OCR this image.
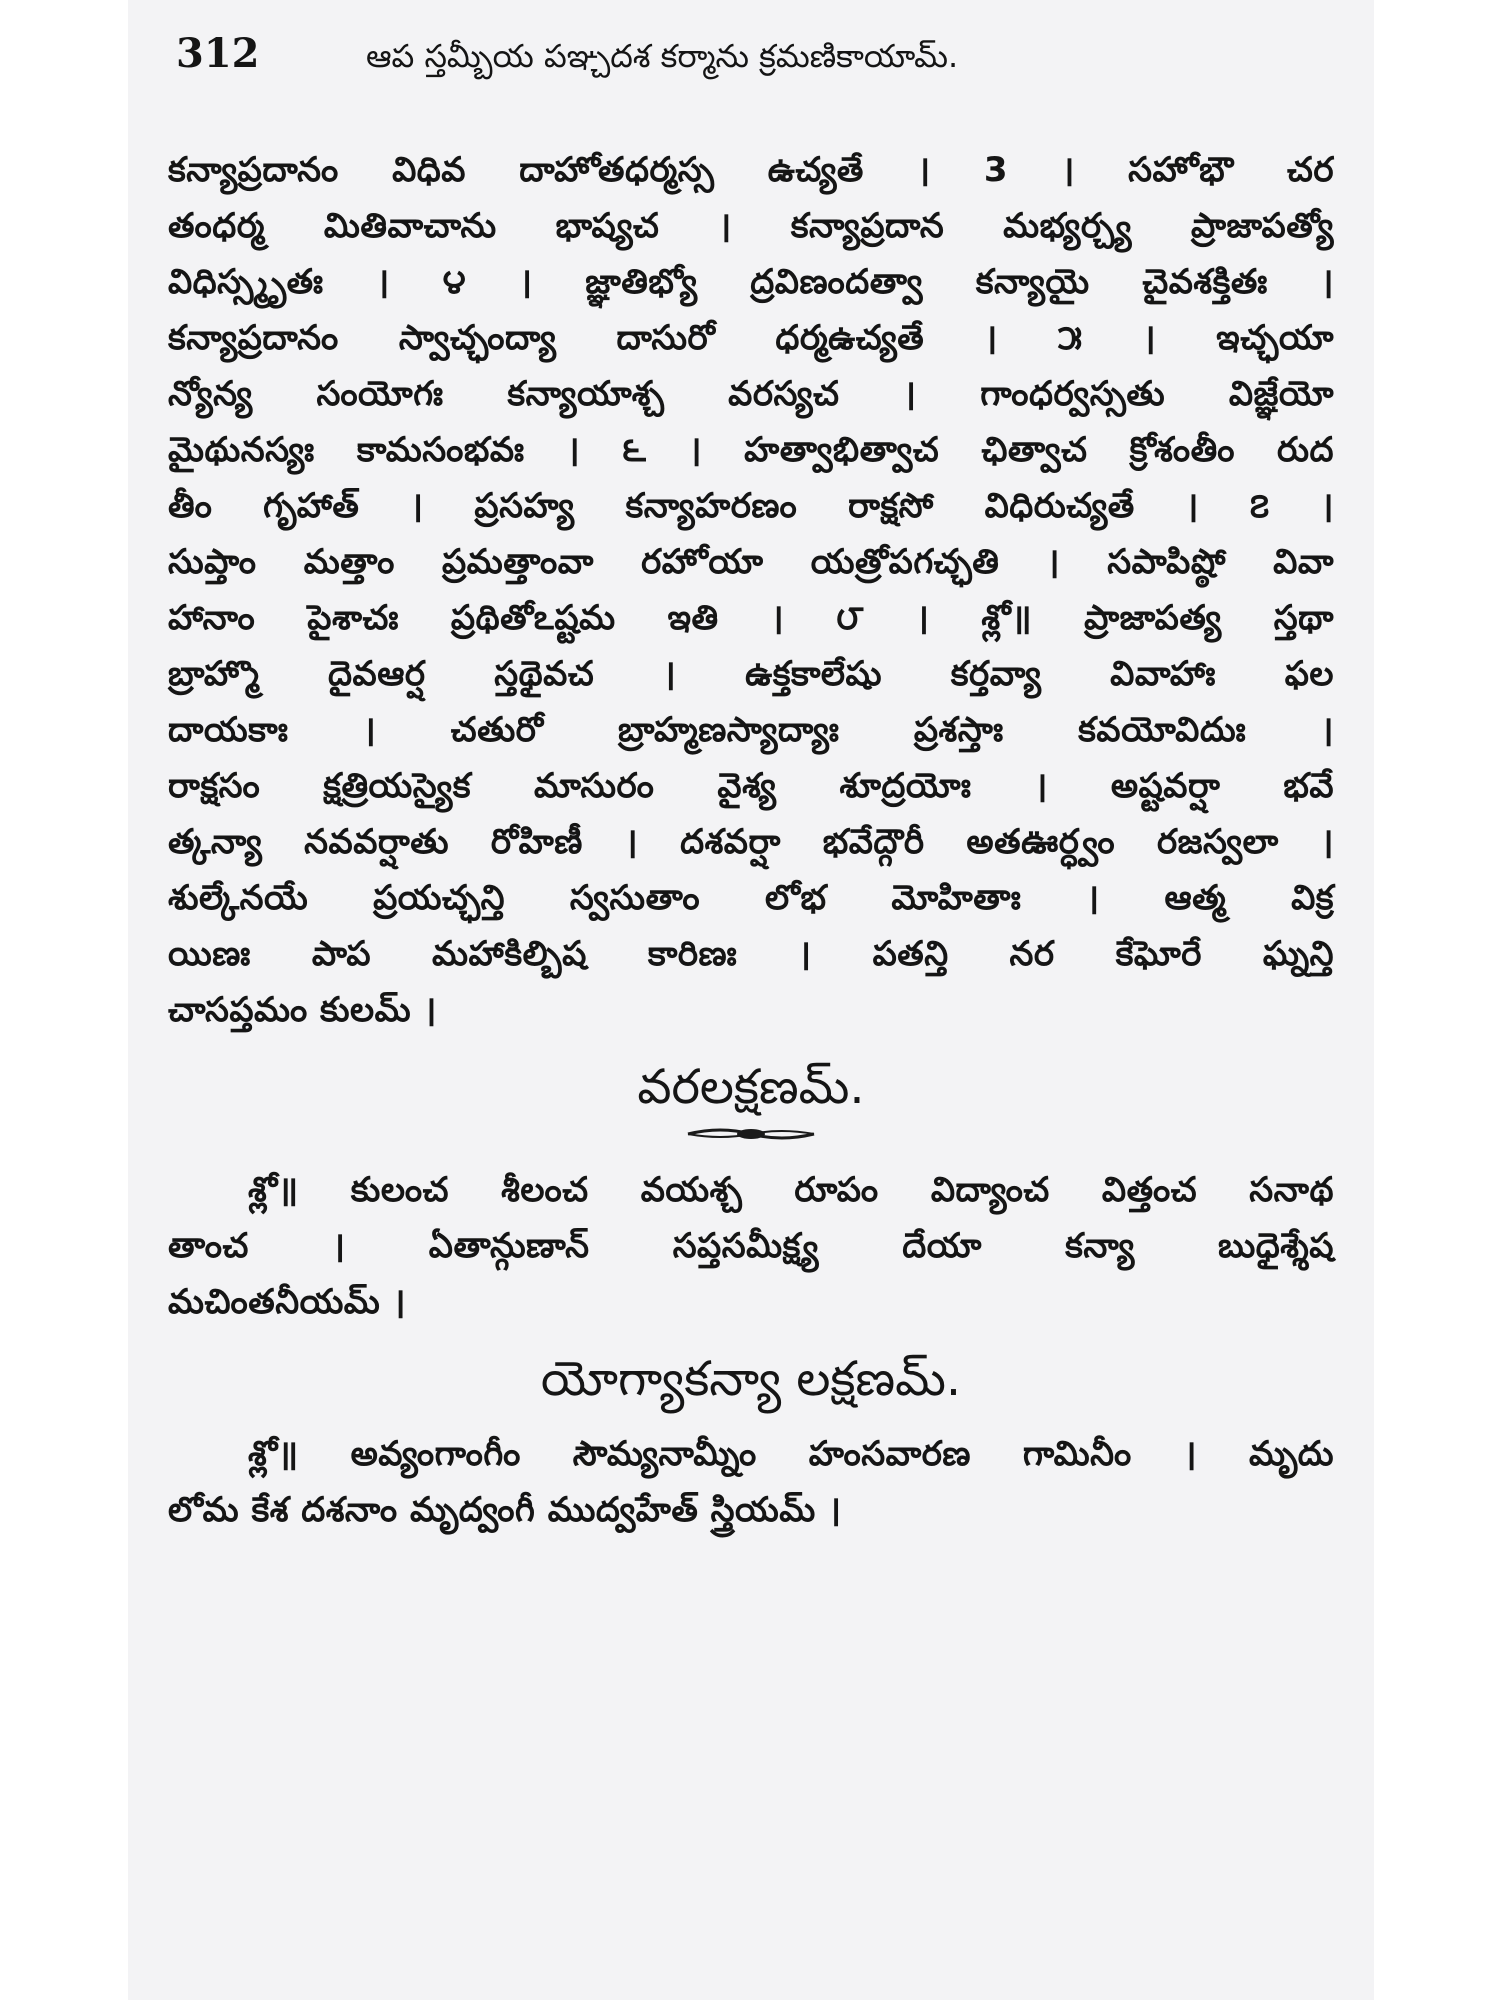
312	ఆప స్తమ్బీయ పఞ్చదశ కర్మాను క్రమణికాయామ్.
కన్యాప్రదానం విధివ దాహోతధర్మస్స ఉచ్యతే । 3 । సహోభౌ చర
తంధర్మ మితివాచాను భాష్యచ । కన్యాప్రదాన మభ్యర్చ్య ప్రాజాపత్యో
విధిస్స్మృతః । ౪ । జ్ఞాతిభ్యో ద్రవిణందత్వా కన్యాయై చైవశక్తితః ।
కన్యాప్రదానం స్వాచ్ఛంద్యా దాసురో ధర్మఉచ్యతే । ౫ । ఇచ్ఛయా
న్యోన్య సంయోగః కన్యాయాశ్చ వరస్యచ । గాంధర్వస్సతు విజ్ఞేయో
మైథునస్యః కామసంభవః । ౬ । హత్వాభిత్వాచ ఛిత్వాచ క్రోశంతీం రుద
తీం గృహాత్ । ప్రసహ్య కన్యాహరణం రాక్షసో విధిరుచ్యతే । ౭ ।
సుప్తాం మత్తాం ప్రమత్తాంవా రహోయా యత్రోపగచ్ఛతి । సపాపిష్ఠో వివా
హానాం పైశాచః ప్రథితోఽష్టమ ఇతి । ౮ । శ్లో॥ ప్రాజాపత్య స్తథా
బ్రాహ్మొ దైవఆర్ష స్తథైవచ । ఉక్తకాలేషు కర్తవ్యా వివాహాః ఫల
దాయకాః । చతురో బ్రాహ్మణస్యాద్యాః ప్రశస్తాః కవయోవిదుః ।
రాక్షసం క్షత్రియస్యైక మాసురం వైశ్య శూద్రయోః । అష్టవర్షా భవే
త్కన్యా నవవర్షాతు రోహిణీ । దశవర్షా భవేద్గౌరీ అతఊర్ధ్వం రజస్వలా ।
శుల్కేనయే ప్రయచ్ఛన్తి స్వసుతాం లోభ మోహితాః । ఆత్మ విక్ర
యిణః పాప మహాకిల్బిష కారిణః । పతన్తి నర కేఘోరే ఘ్నన్తి
చాసప్తమం కులమ్ ।
వరలక్షణమ్.
శ్లో॥ కులంచ శీలంచ వయశ్చ రూపం విద్యాంచ విత్తంచ సనాథ
తాంచ । ఏతాన్గుణాన్ సప్తసమీక్ష్య దేయా కన్యా బుధైశ్శేష
మచింతనీయమ్ ।
యోగ్యాకన్యా లక్షణమ్.
శ్లో॥ అవ్యంగాంగీం సౌమ్యనామ్నీం హంసవారణ గామినీం । మృదు
లోమ కేశ దశనాం మృద్వంగీ ముద్వహేత్ స్త్రియమ్ ।
